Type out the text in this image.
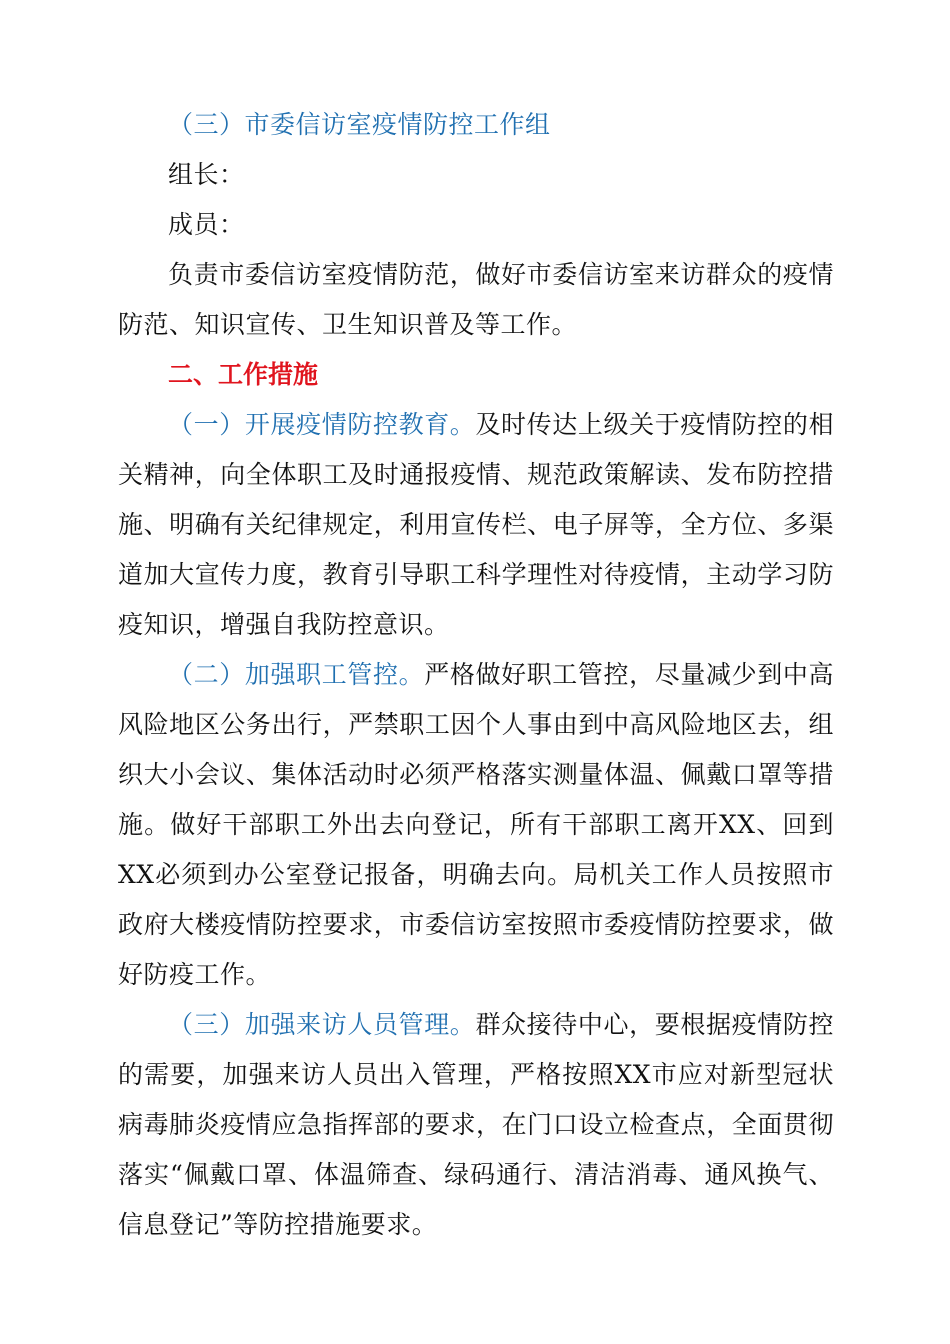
（三）市委信访室疫情防控工作组

组长：

成员：

负责市委信访室疫情防范，做好市委信访室来访群众的疫情防范、知识宣传、卫生知识普及等工作。

二、工作措施

（一）开展疫情防控教育。及时传达上级关于疫情防控的相关精神，向全体职工及时通报疫情、规范政策解读、发布防控措施、明确有关纪律规定，利用宣传栏、电子屏等，全方位、多渠道加大宣传力度，教育引导职工科学理性对待疫情，主动学习防疫知识，增强自我防控意识。

（二）加强职工管控。严格做好职工管控，尽量减少到中高风险地区公务出行，严禁职工因个人事由到中高风险地区去，组织大小会议、集体活动时必须严格落实测量体温、佩戴口罩等措施。做好干部职工外出去向登记，所有干部职工离开XX、回到XX必须到办公室登记报备，明确去向。局机关工作人员按照市政府大楼疫情防控要求，市委信访室按照市委疫情防控要求，做好防疫工作。

（三）加强来访人员管理。群众接待中心，要根据疫情防控的需要，加强来访人员出入管理，严格按照XX市应对新型冠状病毒肺炎疫情应急指挥部的要求，在门口设立检查点，全面贯彻落实“佩戴口罩、体温筛查、绿码通行、清洁消毒、通风换气、信息登记”等防控措施要求。
